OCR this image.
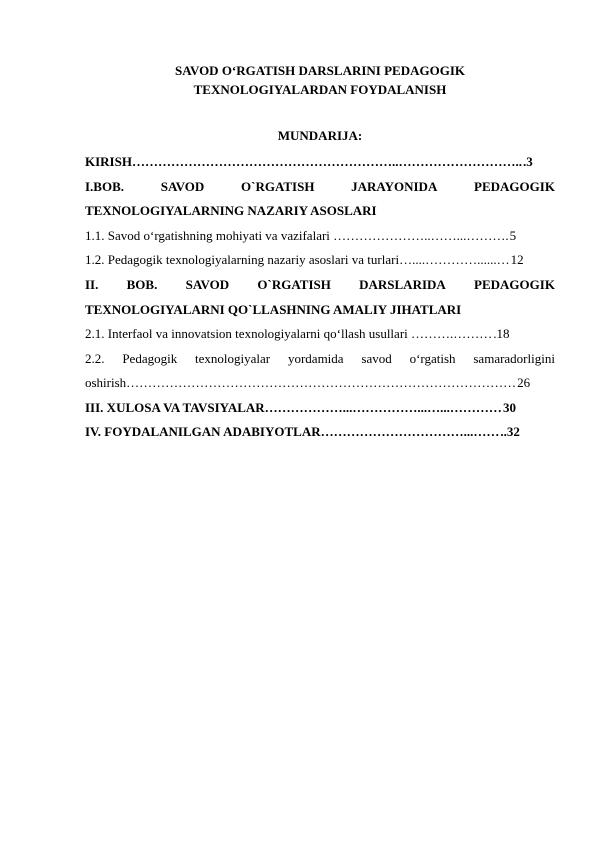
SAVOD O‘RGATISH DARSLARINI PEDAGOGIK
TEXNOLOGIYALARDAN FOYDALANISH
MUNDARIJA:
KIRISH……………………………………………………..……………………….. .3
I.BOB.	SAVOD	O`RGATISH	JARAYONIDA	PEDAGOGIK
TEXNOLOGIYALARNING NAZARIY ASOSLARI
1.1. Savod o‘rgatishning mohiyati va vazifalari …………………..……...………. 5
1.2. Pedagogik texnologiyalarning nazariy asoslari va turlari…....…………......… 12
II. BOB. SAVOD O`RGATISH DARSLARIDA PEDAGOGIK
TEXNOLOGIYALARNI QO`LLASHNING AMALIY JIHATLARI
2.1. Interfaol va innovatsion texnologiyalarni qo‘llash usullari ……….……… .18
2.2. Pedagogik texnologiyalar yordamida savod o‘rgatish samaradorligini
oshirish……………………………………………………………………………… 26
III. XULOSA VA TAVSIYALAR………………...……………...…...………… 30
IV. FOYDALANILGAN ADABIYOTLAR……………………………...…… ..32
